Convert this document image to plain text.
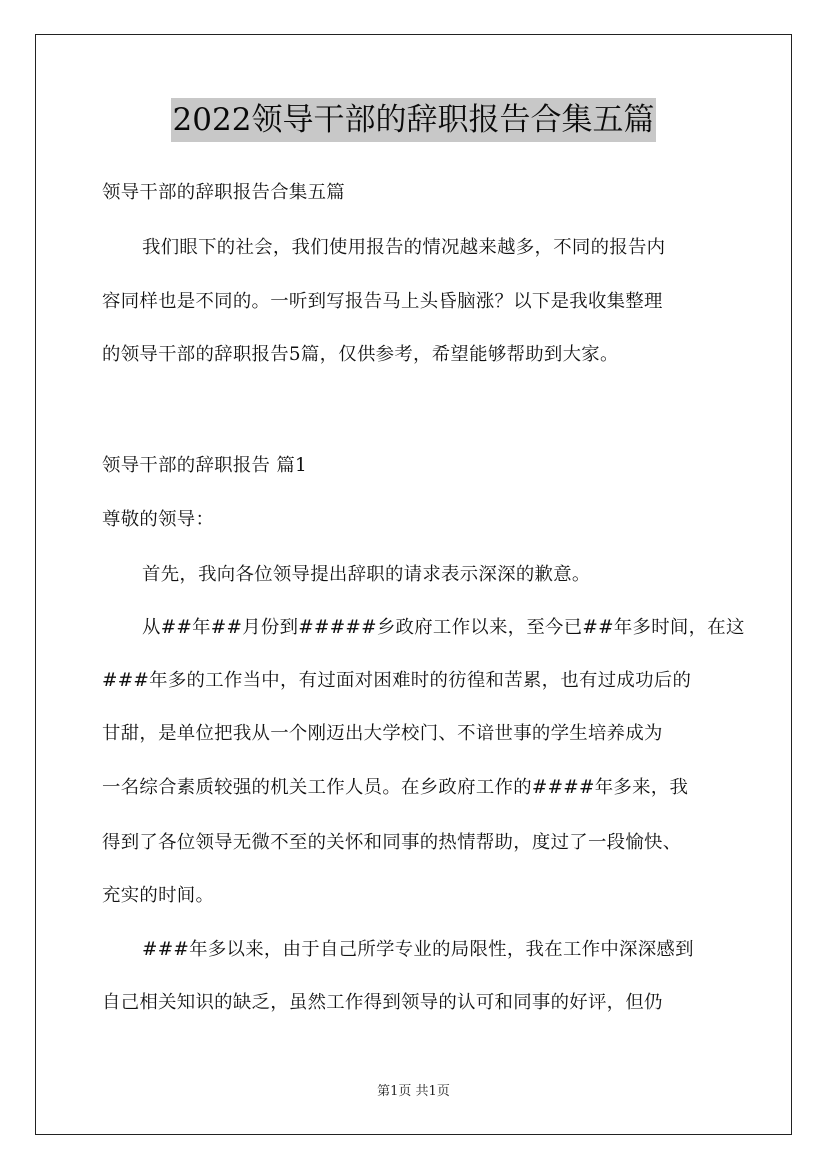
2022领导干部的辞职报告合集五篇
领导干部的辞职报告合集五篇
我们眼下的社会，我们使用报告的情况越来越多，不同的报告内
容同样也是不同的。一听到写报告马上头昏脑涨？以下是我收集整理
的领导干部的辞职报告5篇，仅供参考，希望能够帮助到大家。
领导干部的辞职报告 篇1
尊敬的领导：
首先，我向各位领导提出辞职的请求表示深深的歉意。
从##年##月份到#####乡政府工作以来，至今已##年多时间，在这
###年多的工作当中，有过面对困难时的彷徨和苦累，也有过成功后的
甘甜，是单位把我从一个刚迈出大学校门、不谙世事的学生培养成为
一名综合素质较强的机关工作人员。在乡政府工作的####年多来，我
得到了各位领导无微不至的关怀和同事的热情帮助，度过了一段愉快、
充实的时间。
###年多以来，由于自己所学专业的局限性，我在工作中深深感到
自己相关知识的缺乏，虽然工作得到领导的认可和同事的好评，但仍
第1页 共1页
